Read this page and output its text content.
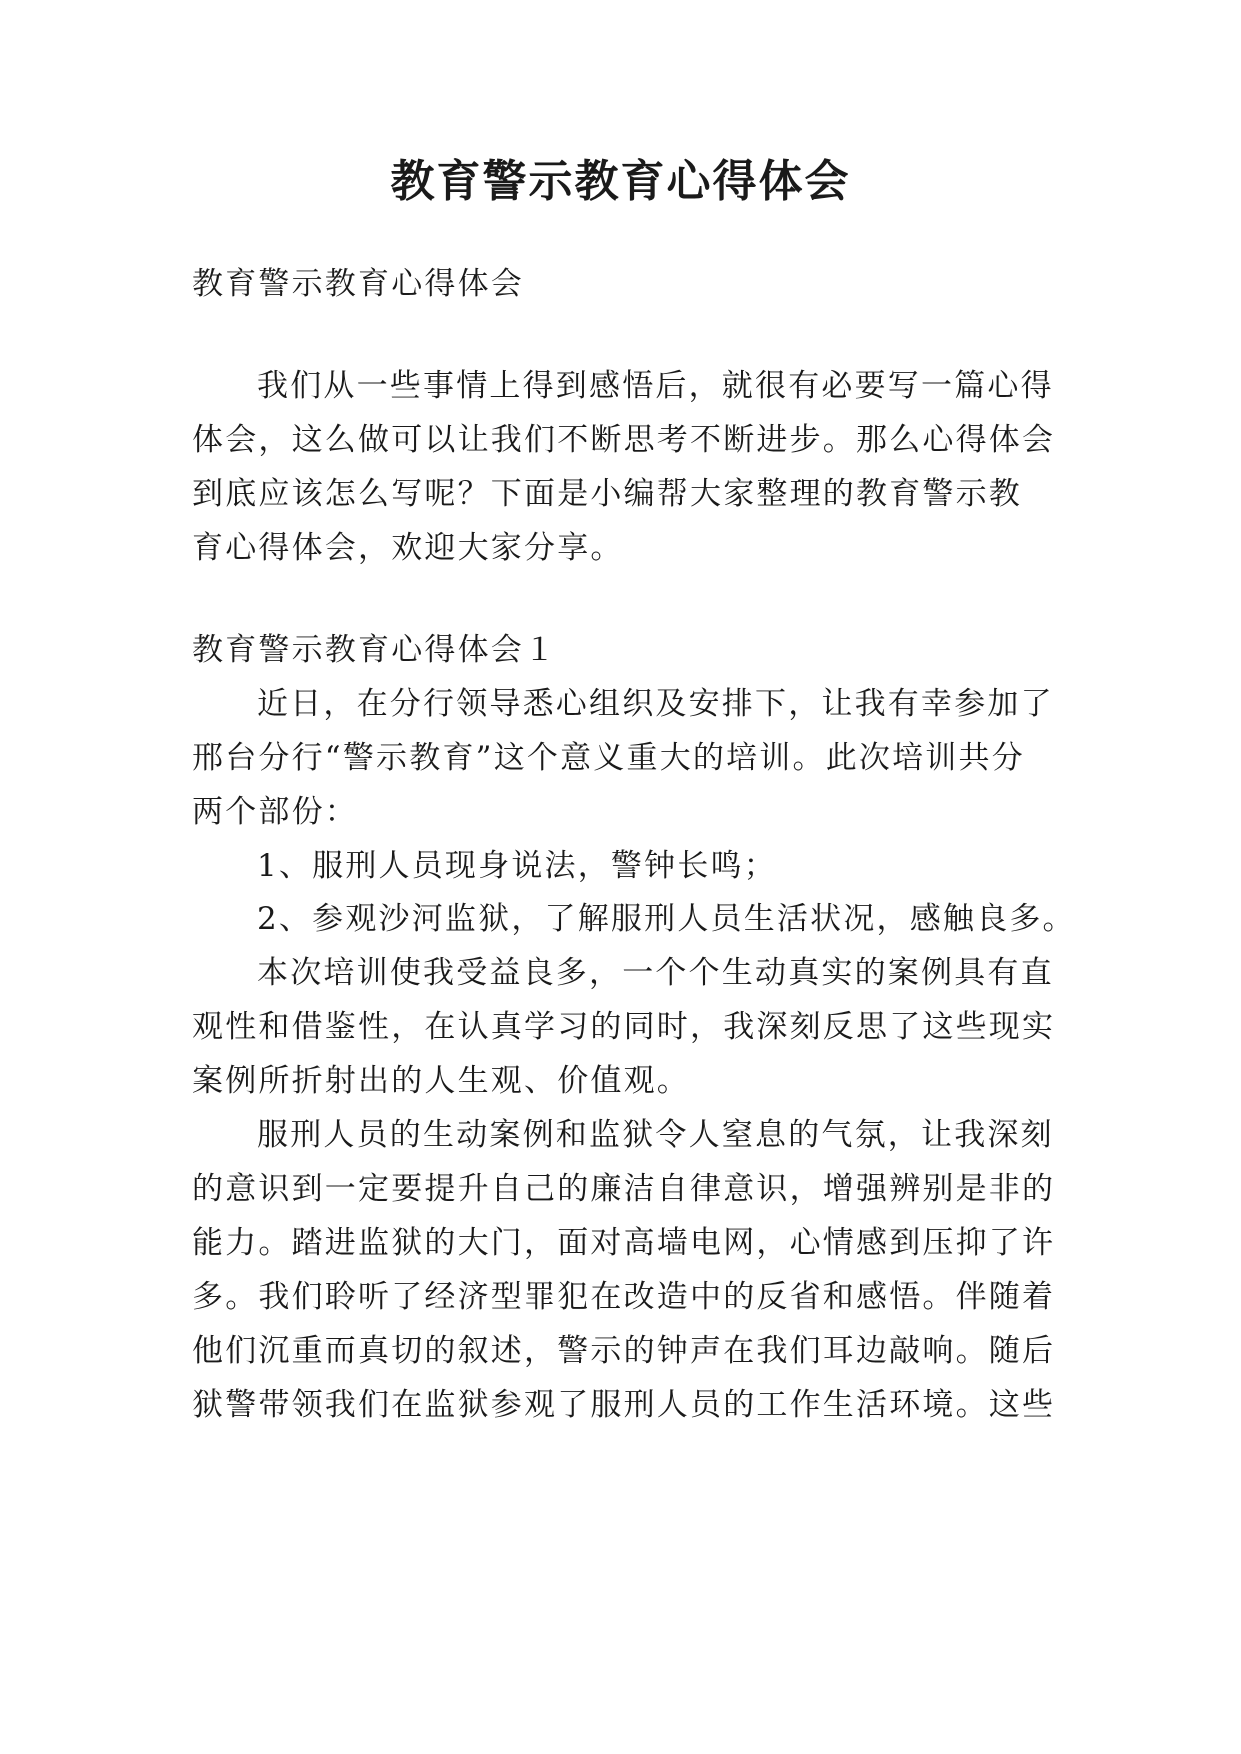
教育警示教育心得体会
教育警示教育心得体会
我们从一些事情上得到感悟后，就很有必要写一篇心得
体会，这么做可以让我们不断思考不断进步。那么心得体会
到底应该怎么写呢？下面是小编帮大家整理的教育警示教
育心得体会，欢迎大家分享。
教育警示教育心得体会１
近日，在分行领导悉心组织及安排下，让我有幸参加了
邢台分行“警示教育”这个意义重大的培训。此次培训共分
两个部份：
1、服刑人员现身说法，警钟长鸣；
2、参观沙河监狱，了解服刑人员生活状况，感触良多。
本次培训使我受益良多，一个个生动真实的案例具有直
观性和借鉴性，在认真学习的同时，我深刻反思了这些现实
案例所折射出的人生观、价值观。
服刑人员的生动案例和监狱令人窒息的气氛，让我深刻
的意识到一定要提升自己的廉洁自律意识，增强辨别是非的
能力。踏进监狱的大门，面对高墙电网，心情感到压抑了许
多。我们聆听了经济型罪犯在改造中的反省和感悟。伴随着
他们沉重而真切的叙述，警示的钟声在我们耳边敲响。随后
狱警带领我们在监狱参观了服刑人员的工作生活环境。这些
